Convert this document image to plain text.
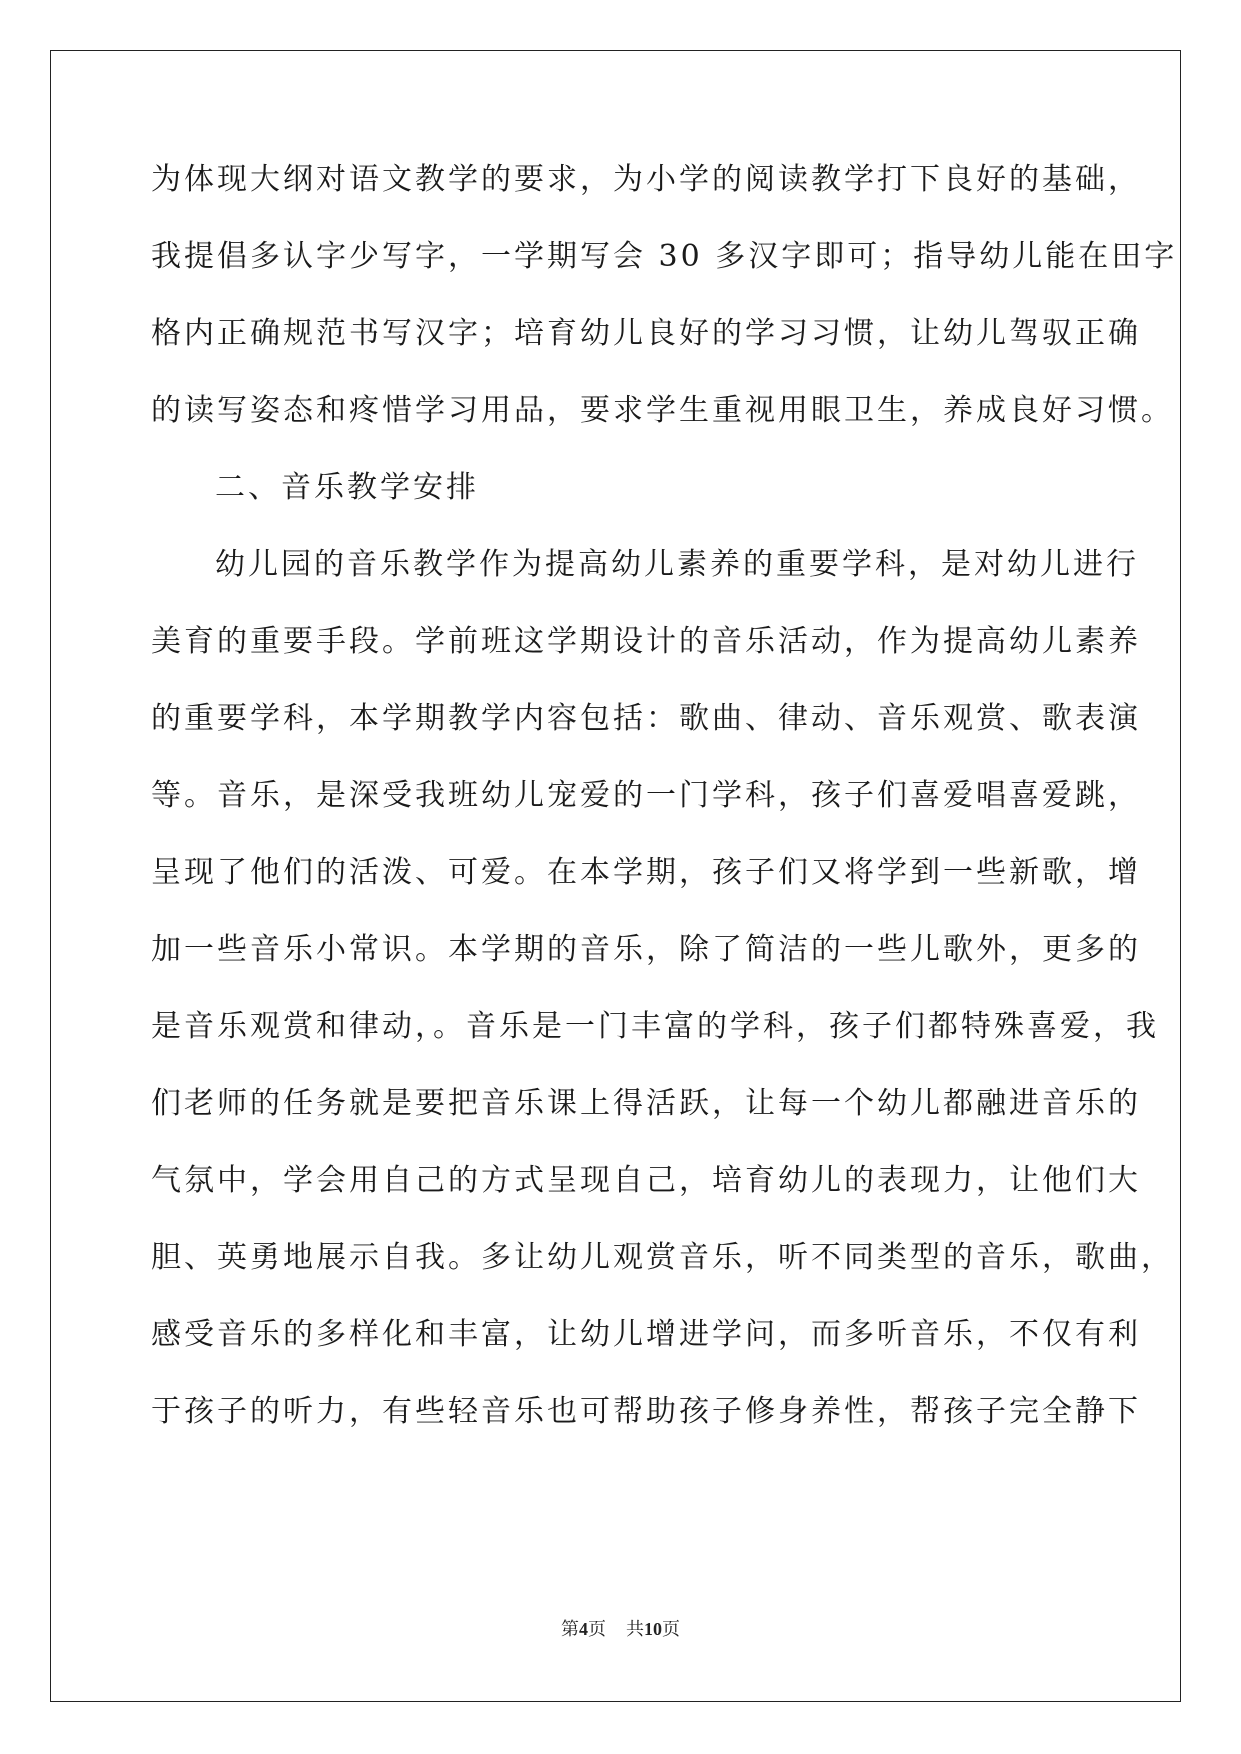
为体现大纲对语文教学的要求，为小学的阅读教学打下良好的基础，
我提倡多认字少写字，一学期写会 30 多汉字即可；指导幼儿能在田字
格内正确规范书写汉字；培育幼儿良好的学习习惯，让幼儿驾驭正确
的读写姿态和疼惜学习用品，要求学生重视用眼卫生，养成良好习惯。
二、音乐教学安排
幼儿园的音乐教学作为提高幼儿素养的重要学科，是对幼儿进行
美育的重要手段。学前班这学期设计的音乐活动，作为提高幼儿素养
的重要学科，本学期教学内容包括：歌曲、律动、音乐观赏、歌表演
等。音乐，是深受我班幼儿宠爱的一门学科，孩子们喜爱唱喜爱跳，
呈现了他们的活泼、可爱。在本学期，孩子们又将学到一些新歌，增
加一些音乐小常识。本学期的音乐，除了简洁的一些儿歌外，更多的
是音乐观赏和律动，。音乐是一门丰富的学科，孩子们都特殊喜爱，我
们老师的任务就是要把音乐课上得活跃，让每一个幼儿都融进音乐的
气氛中，学会用自己的方式呈现自己，培育幼儿的表现力，让他们大
胆、英勇地展示自我。多让幼儿观赏音乐，听不同类型的音乐，歌曲，
感受音乐的多样化和丰富，让幼儿增进学问，而多听音乐，不仅有利
于孩子的听力，有些轻音乐也可帮助孩子修身养性，帮孩子完全静下
第4页 共10页
